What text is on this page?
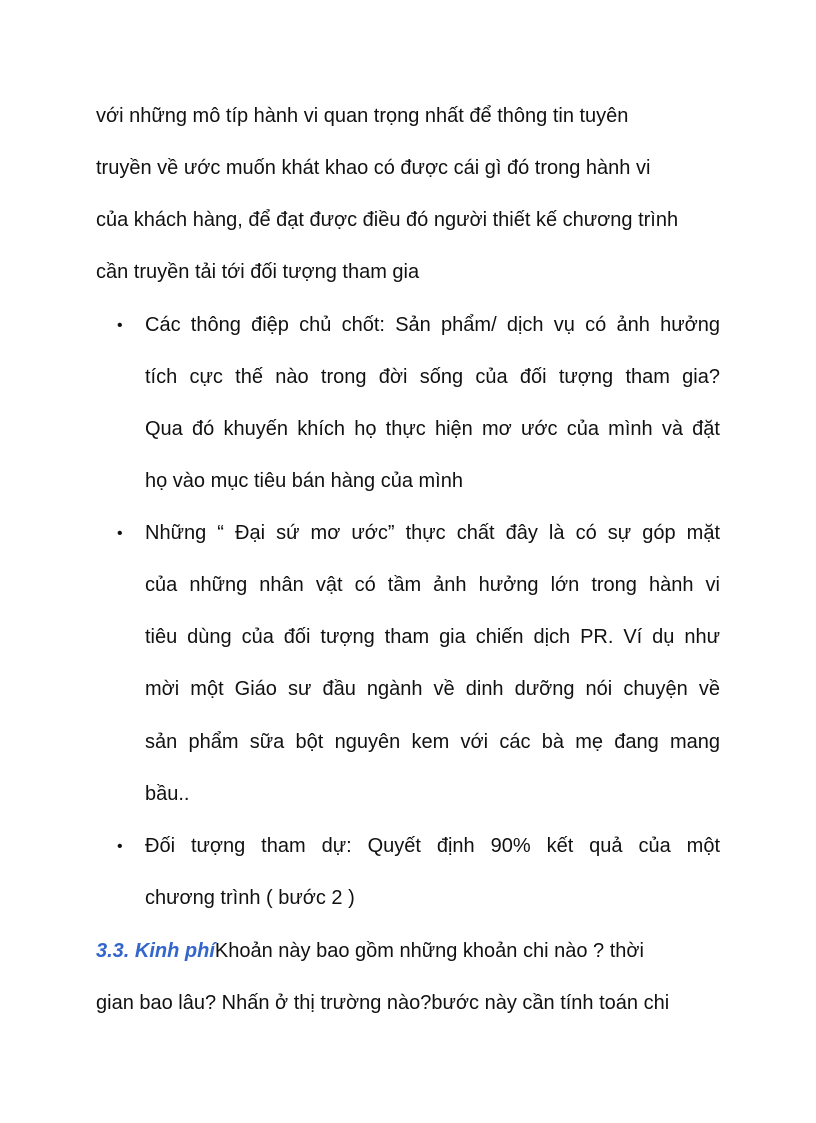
với những mô típ hành vi quan trọng nhất để thông tin tuyên
truyền về ước muốn khát khao có được cái gì đó trong hành vi
của khách hàng, để đạt được điều đó người thiết kế chương trình
cần truyền tải tới đối tượng tham gia
• Các thông điệp chủ chốt: Sản phẩm/ dịch vụ có ảnh hưởng
tích cực thế nào trong đời sống của đối tượng tham gia?
Qua đó khuyến khích họ thực hiện mơ ước của mình và đặt
họ vào mục tiêu bán hàng của mình
• Những “ Đại sứ mơ ước” thực chất đây là có sự góp mặt
của những nhân vật có tầm ảnh hưởng lớn trong hành vi
tiêu dùng của đối tượng tham gia chiến dịch PR. Ví dụ như
mời một Giáo sư đầu ngành về dinh dưỡng nói chuyện về
sản phẩm sữa bột nguyên kem với các bà mẹ đang mang
bầu..
• Đối tượng tham dự: Quyết định 90% kết quả của một
chương trình ( bước 2 )
3.3. Kinh phíKhoản này bao gồm những khoản chi nào ? thời
gian bao lâu? Nhấn ở thị trường nào?bước này cần tính toán chi
